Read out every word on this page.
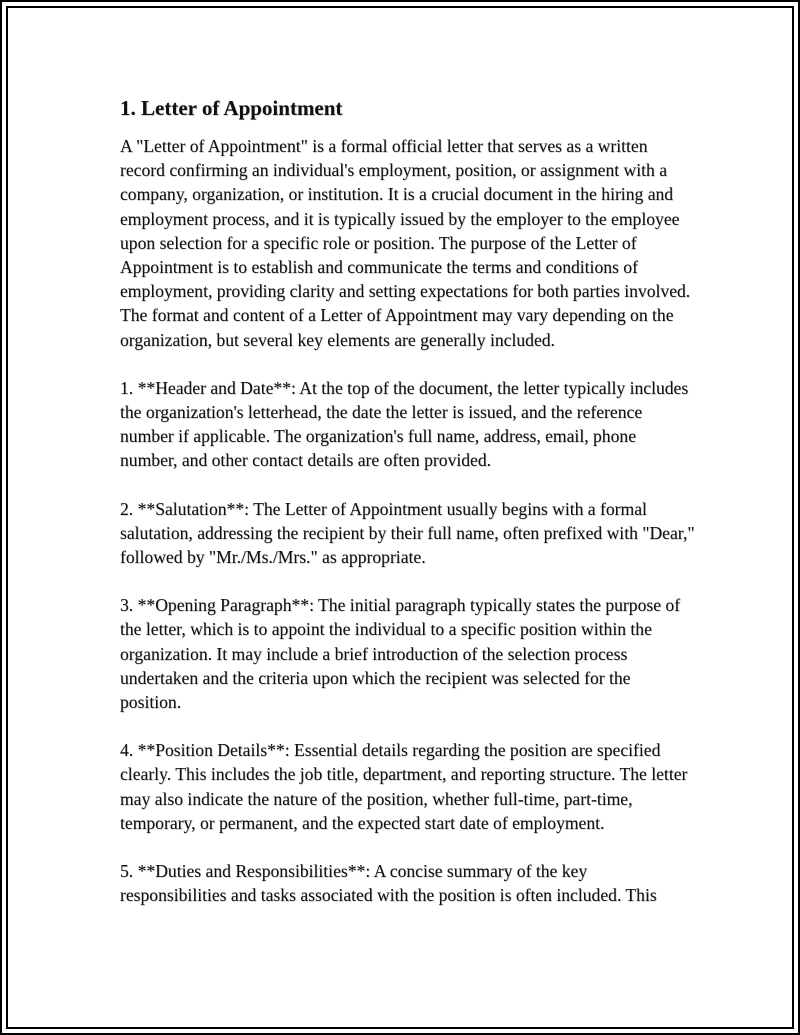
1. Letter of Appointment

A "Letter of Appointment" is a formal official letter that serves as a written record confirming an individual's employment, position, or assignment with a company, organization, or institution. It is a crucial document in the hiring and employment process, and it is typically issued by the employer to the employee upon selection for a specific role or position. The purpose of the Letter of Appointment is to establish and communicate the terms and conditions of employment, providing clarity and setting expectations for both parties involved. The format and content of a Letter of Appointment may vary depending on the organization, but several key elements are generally included.

1. **Header and Date**: At the top of the document, the letter typically includes the organization's letterhead, the date the letter is issued, and the reference number if applicable. The organization's full name, address, email, phone number, and other contact details are often provided.

2. **Salutation**: The Letter of Appointment usually begins with a formal salutation, addressing the recipient by their full name, often prefixed with "Dear," followed by "Mr./Ms./Mrs." as appropriate.

3. **Opening Paragraph**: The initial paragraph typically states the purpose of the letter, which is to appoint the individual to a specific position within the organization. It may include a brief introduction of the selection process undertaken and the criteria upon which the recipient was selected for the position.

4. **Position Details**: Essential details regarding the position are specified clearly. This includes the job title, department, and reporting structure. The letter may also indicate the nature of the position, whether full-time, part-time, temporary, or permanent, and the expected start date of employment.

5. **Duties and Responsibilities**: A concise summary of the key responsibilities and tasks associated with the position is often included. This
